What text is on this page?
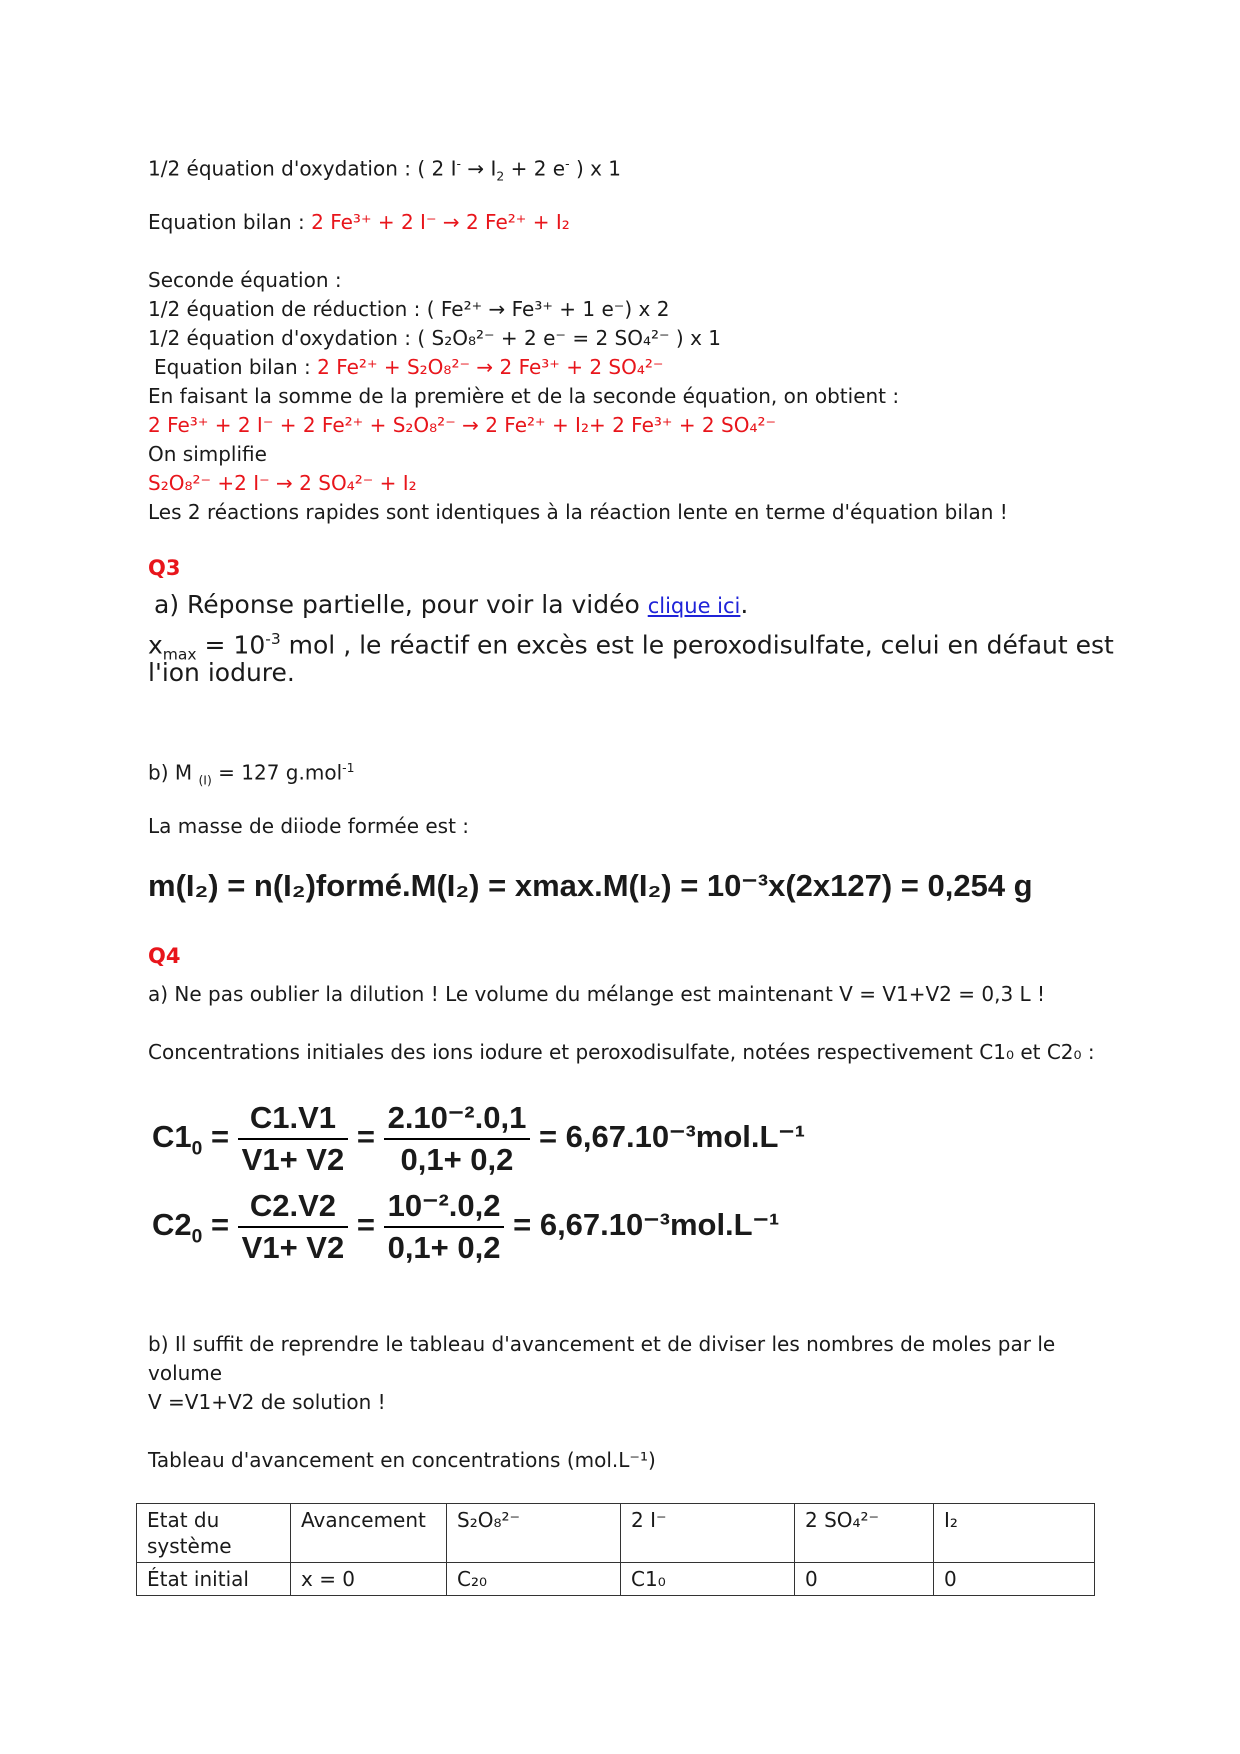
1/2 équation d'oxydation : ( 2 $I^- \to I_2 + 2$ e- ) x 1
Equation bilan : 2 Fe³⁺ + 2 I⁻ → 2 Fe²⁺ + I₂
Seconde équation :
1/2 équation de réduction : ( Fe²⁺ → Fe³⁺ + 1 e⁻) x 2
1/2 équation d'oxydation : ( S₂O₈²⁻ + 2 e⁻ = 2 SO₄²⁻ ) x 1
Equation bilan : 2 Fe²⁺ + S₂O₈²⁻ → 2 Fe³⁺ + 2 SO₄²⁻
En faisant la somme de la première et de la seconde équation, on obtient :
2 Fe³⁺ + 2 I⁻ + 2 Fe²⁺ + S₂O₈²⁻ → 2 Fe²⁺ + I₂+ 2 Fe³⁺ + 2 SO₄²⁻
On simplifie
S₂O₈²⁻ +2 I⁻ → 2 SO₄²⁻ + I₂
Les 2 réactions rapides sont identiques à la réaction lente en terme d'équation bilan !
Q3
a) Réponse partielle, pour voir la vidéo clique ici.
$x_{max} = 10^{-3}$ mol , le réactif en excès est le peroxodisulfate, celui en défaut est
l'ion iodure.
b) M $_{(I)}$ = 127 g.mol$^{-1}$
La masse de diiode formée est :
m(I₂) = n(I₂)formé.M(I₂) = xmax.M(I₂) = 10⁻³x(2x127) = 0,254 g
Q4
a) Ne pas oublier la dilution ! Le volume du mélange est maintenant V = V1+V2 = 0,3 L !
Concentrations initiales des ions iodure et peroxodisulfate, notées respectivement C1₀ et C2₀ :
$C1_0 = \frac{C1.V1}{V1+ V2} = \frac{\text{2.10⁻².0,1}}{0,1+ 0,2} = 6,67.10^{-3}mol.L^{-1}$
$C2_0 = \frac{C2.V2}{V1+ V2} = \frac{\text{10⁻².0,2}}{0,1+ 0,2} = 6,67.10^{-3}mol.L^{-1}$
b) Il suffit de reprendre le tableau d'avancement et de diviser les nombres de moles par le
volume
V =V1+V2 de solution !
Tableau d'avancement en concentrations (mol.L⁻¹)
Etat du système	Avancement	S₂O₈²⁻	2 I⁻	2 SO₄²⁻	I₂
État initial	x = 0	C₂₀	C1₀	0	0
